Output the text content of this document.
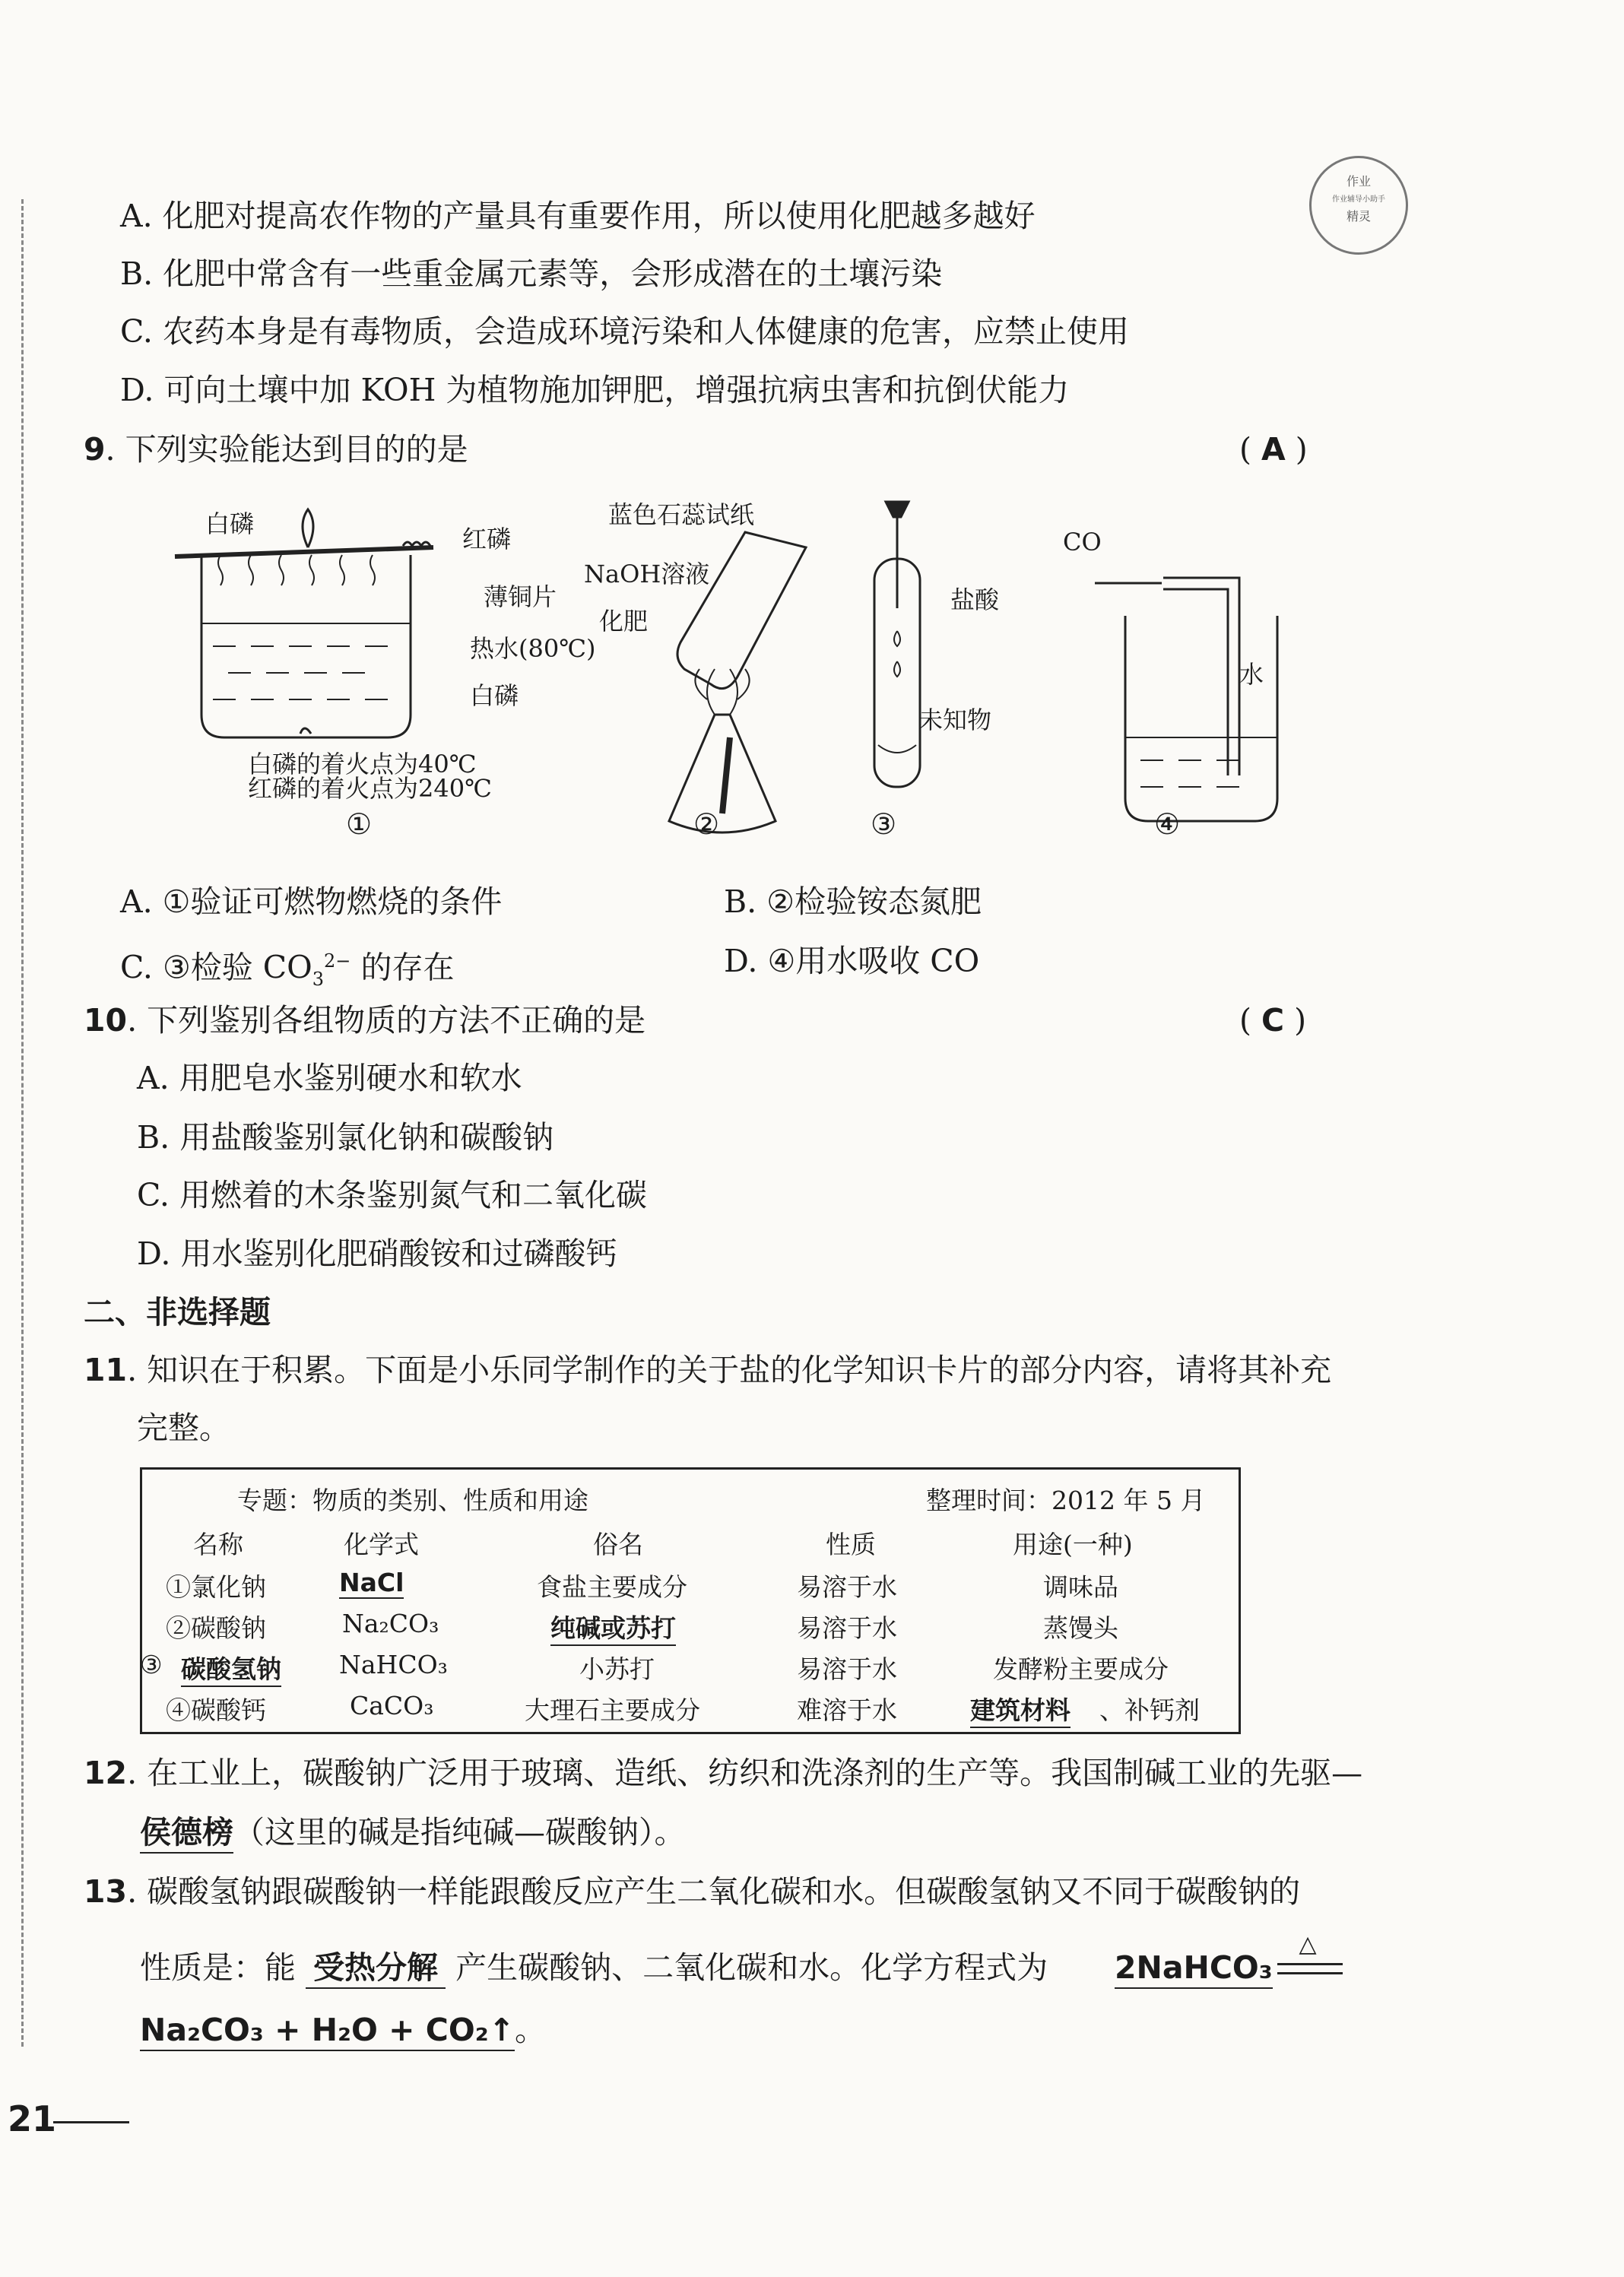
作业
作业辅导小助手
精灵
A. 化肥对提高农作物的产量具有重要作用，所以使用化肥越多越好
B. 化肥中常含有一些重金属元素等，会形成潜在的土壤污染
C. 农药本身是有毒物质，会造成环境污染和人体健康的危害，应禁止使用
D. 可向土壤中加 KOH 为植物施加钾肥，增强抗病虫害和抗倒伏能力
9. 下列实验能达到目的的是	( A )
白磷
红磷
薄铜片
热水(80℃)
白磷
白磷的着火点为40℃
红磷的着火点为240℃
①
蓝色石蕊试纸
NaOH溶液
化肥
②
盐酸
未知物
③
CO
水
④
A. ①验证可燃物燃烧的条件	B. ②检验铵态氮肥
C. ③检验 $CO_3^{2-}$ 的存在	D. ④用水吸收 CO
10. 下列鉴别各组物质的方法不正确的是	( C )
A. 用肥皂水鉴别硬水和软水
B. 用盐酸鉴别氯化钠和碳酸钠
C. 用燃着的木条鉴别氮气和二氧化碳
D. 用水鉴别化肥硝酸铵和过磷酸钙
二、非选择题
11. 知识在于积累。下面是小乐同学制作的关于盐的化学知识卡片的部分内容，请将其补充
完整。
专题：物质的类别、性质和用途	整理时间：2012 年 5 月
名称	化学式	俗名	性质	用途(一种)
①氯化钠	NaCl	食盐主要成分	易溶于水	调味品
②碳酸钠	Na₂CO₃	纯碱或苏打	易溶于水	蒸馒头
③ 碳酸氢钠 NaHCO₃	小苏打	易溶于水	发酵粉主要成分
④碳酸钙	CaCO₃	大理石主要成分	难溶于水	建筑材料 、补钙剂
12. 在工业上，碳酸钠广泛用于玻璃、造纸、纺织和洗涤剂的生产等。我国制碱工业的先驱—
侯德榜（这里的碱是指纯碱—碳酸钠）。
13. 碳酸氢钠跟碳酸钠一样能跟酸反应产生二氧化碳和水。但碳酸氢钠又不同于碳酸钠的
性质是：能 受热分解 产生碳酸钠、二氧化碳和水。化学方程式为 2NaHCO₃
△
Na₂CO₃ + H₂O + CO₂↑。
21
